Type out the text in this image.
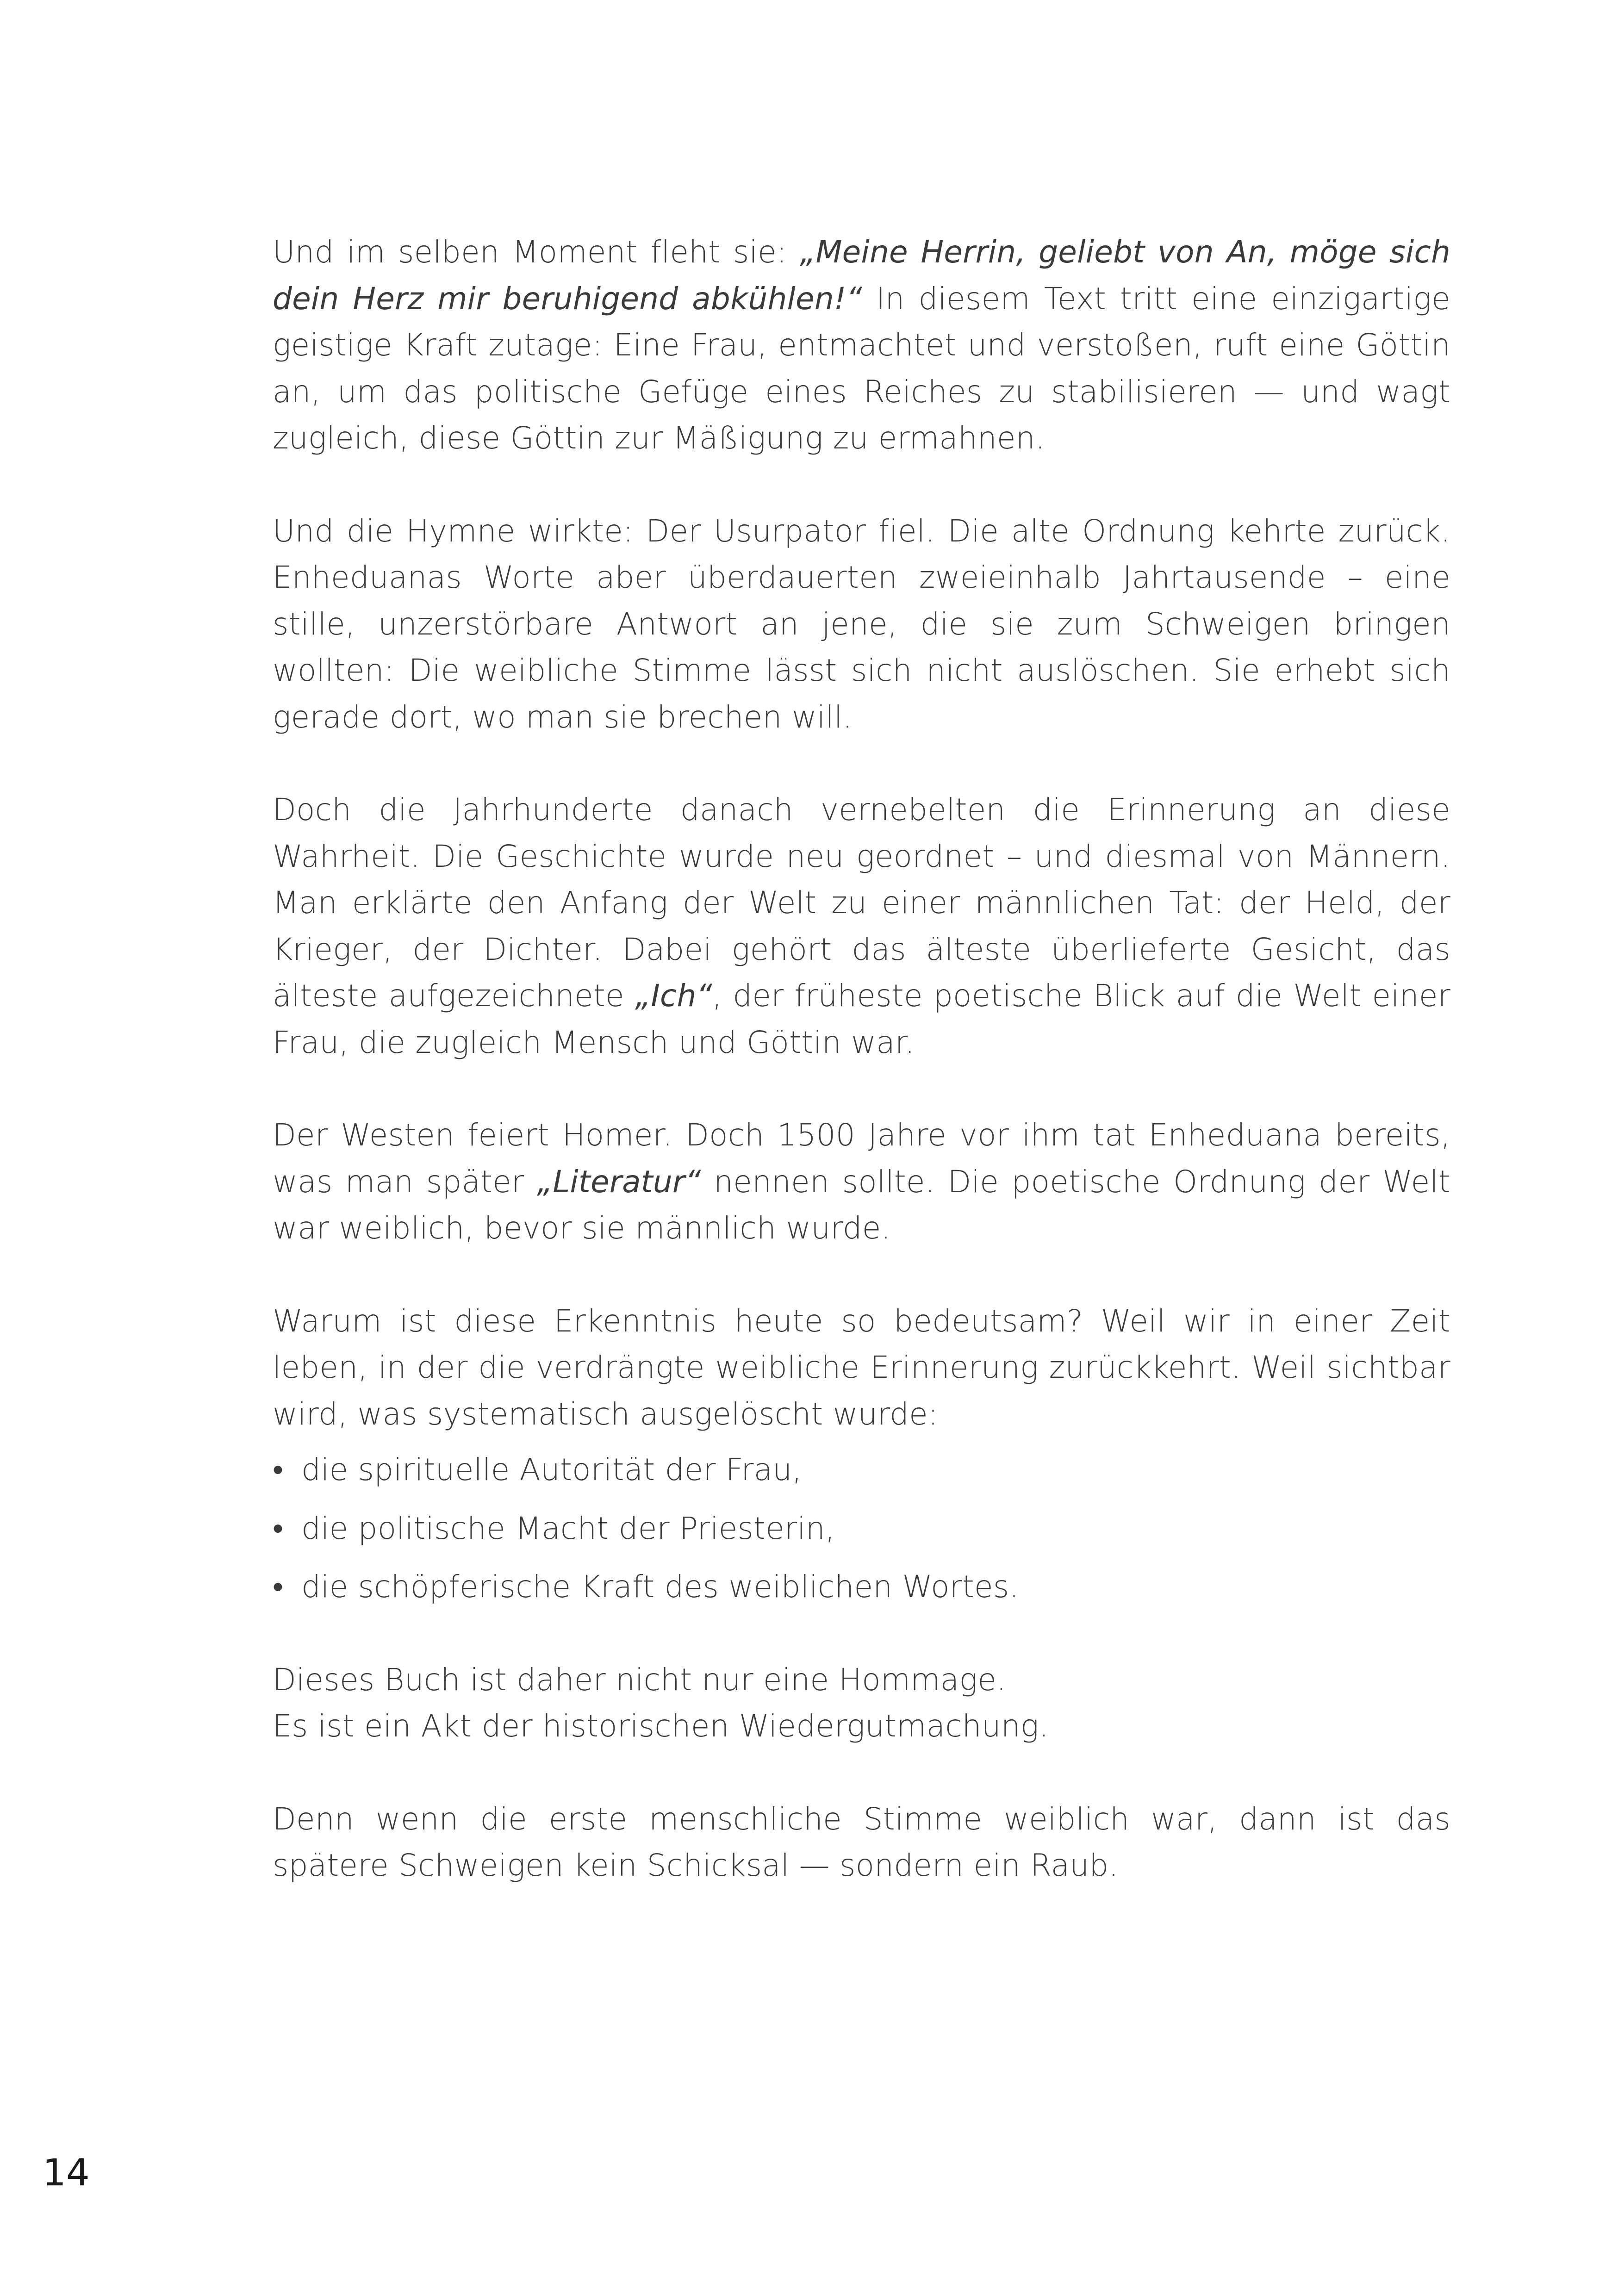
Und im selben Moment fleht sie: „Meine Herrin, geliebt von An, möge sich dein Herz mir beruhigend abkühlen!“ In diesem Text tritt eine einzigartige geistige Kraft zutage: Eine Frau, entmachtet und verstoßen, ruft eine Göttin an, um das politische Gefüge eines Reiches zu stabilisieren — und wagt zugleich, diese Göttin zur Mäßigung zu ermahnen.

Und die Hymne wirkte: Der Usurpator fiel. Die alte Ordnung kehrte zurück. Enheduanas Worte aber überdauerten zweieinhalb Jahrtausende – eine stille, unzerstörbare Antwort an jene, die sie zum Schweigen bringen wollten: Die weibliche Stimme lässt sich nicht auslöschen. Sie erhebt sich gerade dort, wo man sie brechen will.

Doch die Jahrhunderte danach vernebelten die Erinnerung an diese Wahrheit. Die Geschichte wurde neu geordnet – und diesmal von Männern. Man erklärte den Anfang der Welt zu einer männlichen Tat: der Held, der Krieger, der Dichter. Dabei gehört das älteste überlieferte Gesicht, das älteste aufgezeichnete „Ich“, der früheste poetische Blick auf die Welt einer Frau, die zugleich Mensch und Göttin war.

Der Westen feiert Homer. Doch 1500 Jahre vor ihm tat Enheduana bereits, was man später „Literatur“ nennen sollte. Die poetische Ordnung der Welt war weiblich, bevor sie männlich wurde.

Warum ist diese Erkenntnis heute so bedeutsam? Weil wir in einer Zeit leben, in der die verdrängte weibliche Erinnerung zurückkehrt. Weil sichtbar wird, was systematisch ausgelöscht wurde:

• die spirituelle Autorität der Frau,
• die politische Macht der Priesterin,
• die schöpferische Kraft des weiblichen Wortes.

Dieses Buch ist daher nicht nur eine Hommage.
Es ist ein Akt der historischen Wiedergutmachung.

Denn wenn die erste menschliche Stimme weiblich war, dann ist das spätere Schweigen kein Schicksal — sondern ein Raub.

14
